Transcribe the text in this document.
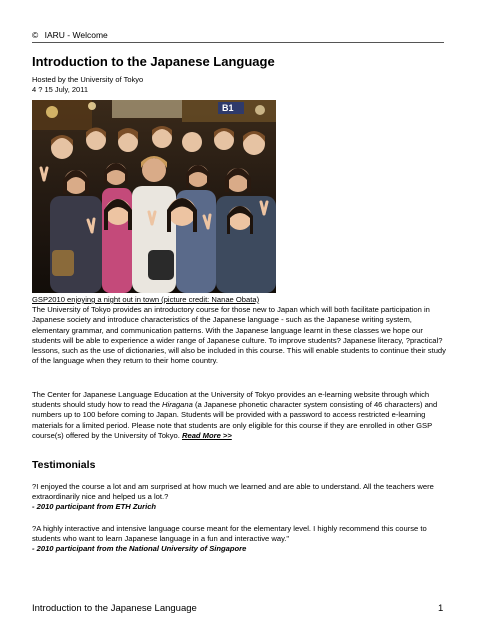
© IARU - Welcome
Introduction to the Japanese Language
Hosted by the University of Tokyo
4 ? 15 July, 2011
B1
GSP2010 enjoying a night out in town (picture credit: Nanae Obata)
The University of Tokyo provides an introductory course for those new to Japan which will both facilitate participation in Japanese society and introduce characteristics of the Japanese language - such as the Japanese writing system, elementary grammar, and communication patterns. With the Japanese language learnt in these classes we hope our students will be able to experience a wider range of Japanese culture. To improve students? Japanese literacy, ?practical? lessons, such as the use of dictionaries, will also be included in this course. This will enable students to continue their study of the language when they return to their home country.
The Center for Japanese Language Education at the University of Tokyo provides an e-learning website through which students should study how to read the Hiragana (a Japanese phonetic character system consisting of 46 characters) and numbers up to 100 before coming to Japan. Students will be provided with a password to access restricted e-learning materials for a limited period. Please note that students are only eligible for this course if they are enrolled in other GSP course(s) offered by the University of Tokyo. Read More >>
Testimonials
?I enjoyed the course a lot and am surprised at how much we learned and are able to understand. All the teachers were extraordinarily nice and helped us a lot.?
- 2010 participant from ETH Zurich
?A highly interactive and intensive language course meant for the elementary level. I highly recommend this course to students who want to learn Japanese language in a fun and interactive way."
- 2010 participant from the National University of Singapore
Introduction to the Japanese Language	1
